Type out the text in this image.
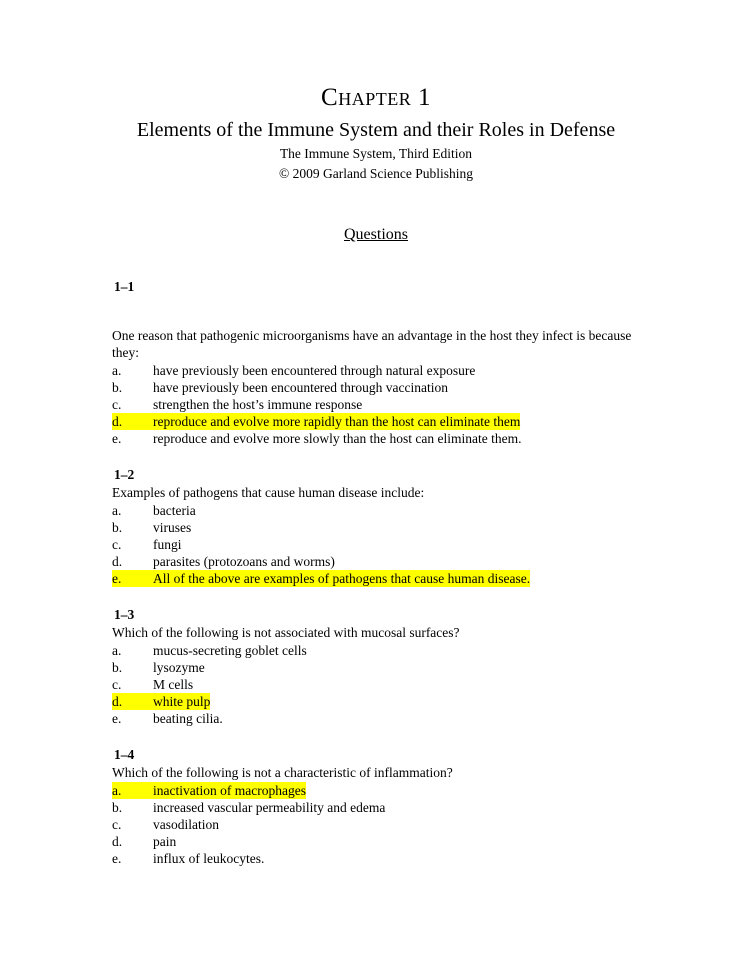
Chapter 1
Elements of the Immune System and their Roles in Defense
The Immune System, Third Edition
© 2009 Garland Science Publishing
Questions
1–1
One reason that pathogenic microorganisms have an advantage in the host they infect is because they:
a. have previously been encountered through natural exposure
b. have previously been encountered through vaccination
c. strengthen the host’s immune response
d. reproduce and evolve more rapidly than the host can eliminate them
e. reproduce and evolve more slowly than the host can eliminate them.
1–2
Examples of pathogens that cause human disease include:
a. bacteria
b. viruses
c. fungi
d. parasites (protozoans and worms)
e. All of the above are examples of pathogens that cause human disease.
1–3
Which of the following is not associated with mucosal surfaces?
a. mucus-secreting goblet cells
b. lysozyme
c. M cells
d. white pulp
e. beating cilia.
1–4
Which of the following is not a characteristic of inflammation?
a. inactivation of macrophages
b. increased vascular permeability and edema
c. vasodilation
d. pain
e. influx of leukocytes.
